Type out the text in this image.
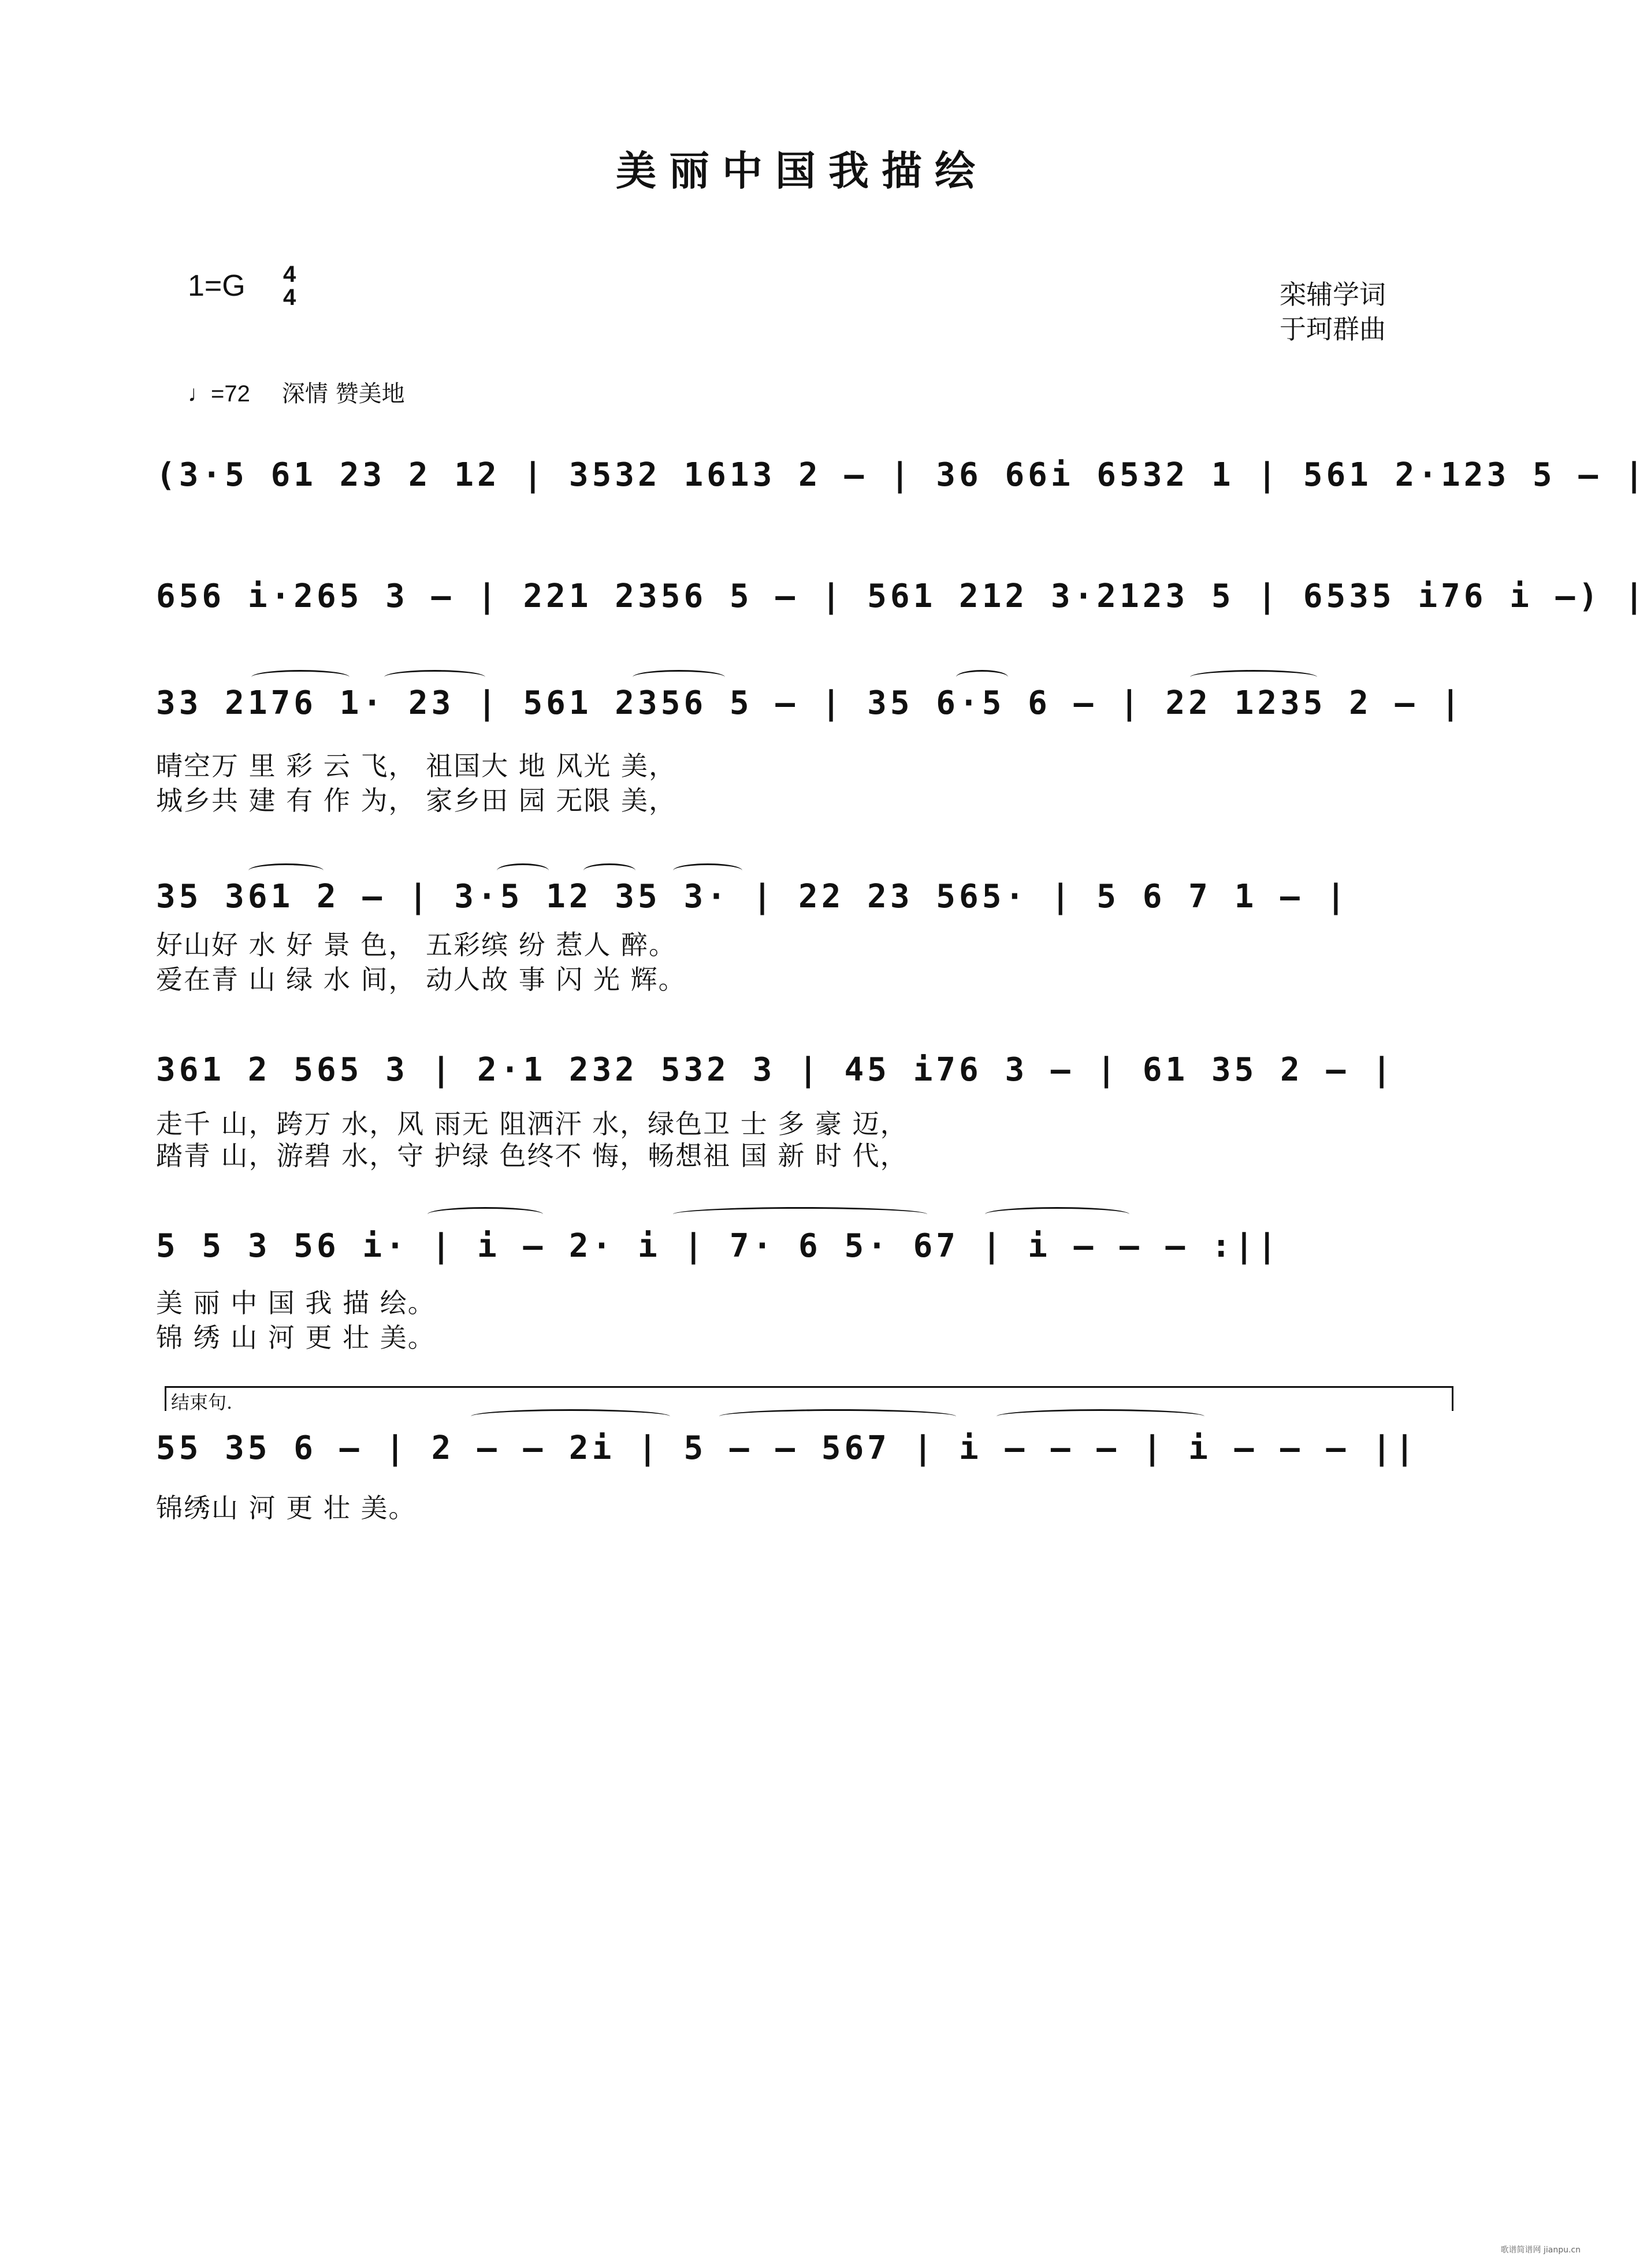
美丽中国我描绘
1=G 4
4	栾辅学词
于珂群曲
♩=72 深情 赞美地
(3·5 61 23 2 12 | 3532 1613 2 – | 36 66i 6532 1 | 561 2·123 5 – |
656 i·265 3 – | 221 2356 5 – | 561 212 3·2123 5 | 6535 i76 i –) |
33 2176 1· 23 | 561 2356 5 – | 35 6·5 6 – | 22 1235 2 – |
晴空万 里 彩 云 飞， 祖国大 地 风光 美，
城乡共 建 有 作 为， 家乡田 园 无限 美，
35 361 2 – | 3·5 12 35 3· | 22 23 565· | 5 6 7 1 – |
好山好 水 好 景 色， 五彩缤 纷 惹人 醉。
爱在青 山 绿 水 间， 动人故 事 闪 光 辉。
361 2 565 3 | 2·1 232 532 3 | 45 i76 3 – | 61 35 2 – |
走千 山，跨万 水，风 雨无 阻洒汗 水，绿色卫 士 多 豪 迈，
踏青 山，游碧 水，守 护绿 色终不 悔，畅想祖 国 新 时 代，
5 5 3 56 i· | i – 2· i | 7· 6 5· 67 | i – – – :||
美 丽 中 国 我 描 绘。
锦 绣 山 河 更 壮 美。
结束句.
55 35 6 – | 2 – – 2i | 5 – – 567 | i – – – | i – – – ||
锦绣山 河 更 壮 美。
歌谱简谱网 jianpu.cn
